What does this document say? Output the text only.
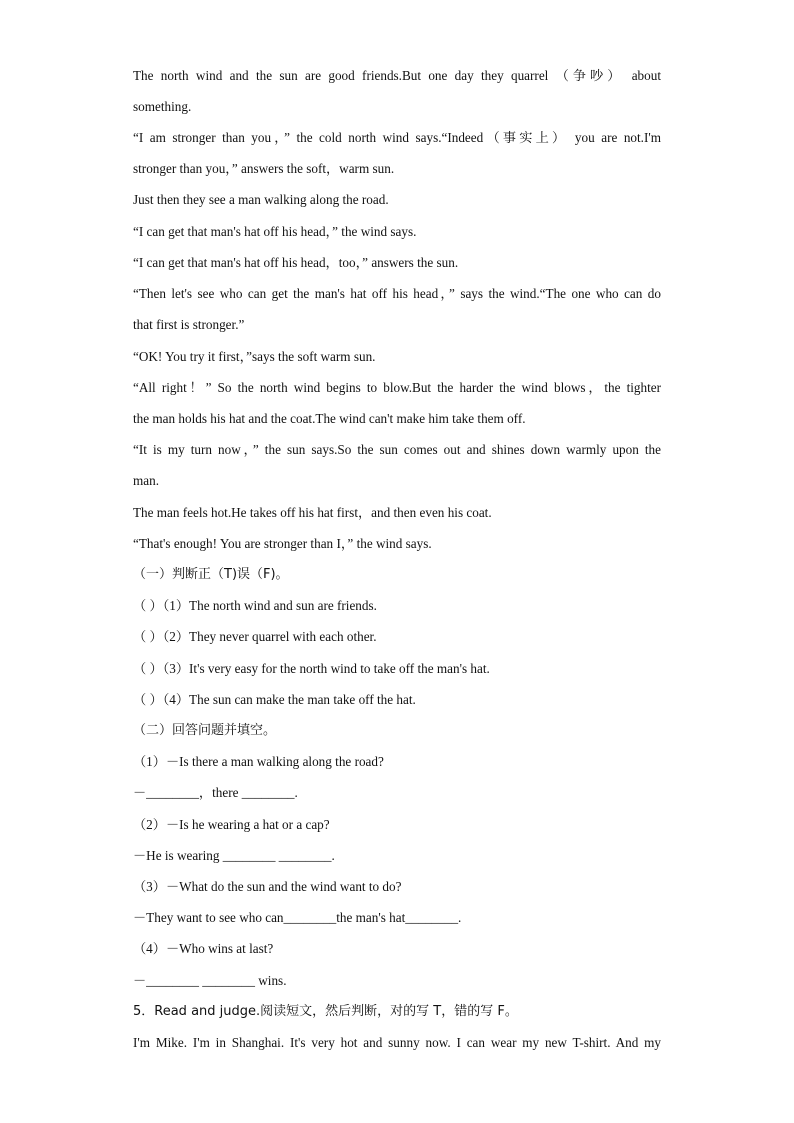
The north wind and the sun are good friends.But one day they quarrel （争吵） about
something.
“I am stronger than you，” the cold north wind says.“Indeed（事实上） you are not.I'm
stronger than you，” answers the soft，warm sun.
Just then they see a man walking along the road.
“I can get that man's hat off his head，” the wind says.
“I can get that man's hat off his head，too，” answers the sun.
“Then let's see who can get the man's hat off his head，” says the wind.“The one who can do
that first is stronger.”
“OK! You try it first，”says the soft warm sun.
“All right！” So the north wind begins to blow.But the harder the wind blows，the tighter
the man holds his hat and the coat.The wind can't make him take them off.
“It is my turn now，” the sun says.So the sun comes out and shines down warmly upon the
man.
The man feels hot.He takes off his hat first，and then even his coat.
“That's enough! You are stronger than I，” the wind says.
（一）判断正（T)误（F)。
（ ）（1）The north wind and sun are friends.
（ ）（2）They never quarrel with each other.
（ ）（3）It's very easy for the north wind to take off the man's hat.
（ ）（4）The sun can make the man take off the hat.
（二）回答问题并填空。
（1）－Is there a man walking along the road?
－________，there ________.
（2）－Is he wearing a hat or a cap?
－He is wearing ________ ________.
（3）－What do the sun and the wind want to do?
－They want to see who can________the man's hat________.
（4）－Who wins at last?
－________ ________ wins.
5．Read and judge.阅读短文，然后判断，对的写 T，错的写 F。
I'm Mike. I'm in Shanghai. It's very hot and sunny now. I can wear my new T-shirt. And my
